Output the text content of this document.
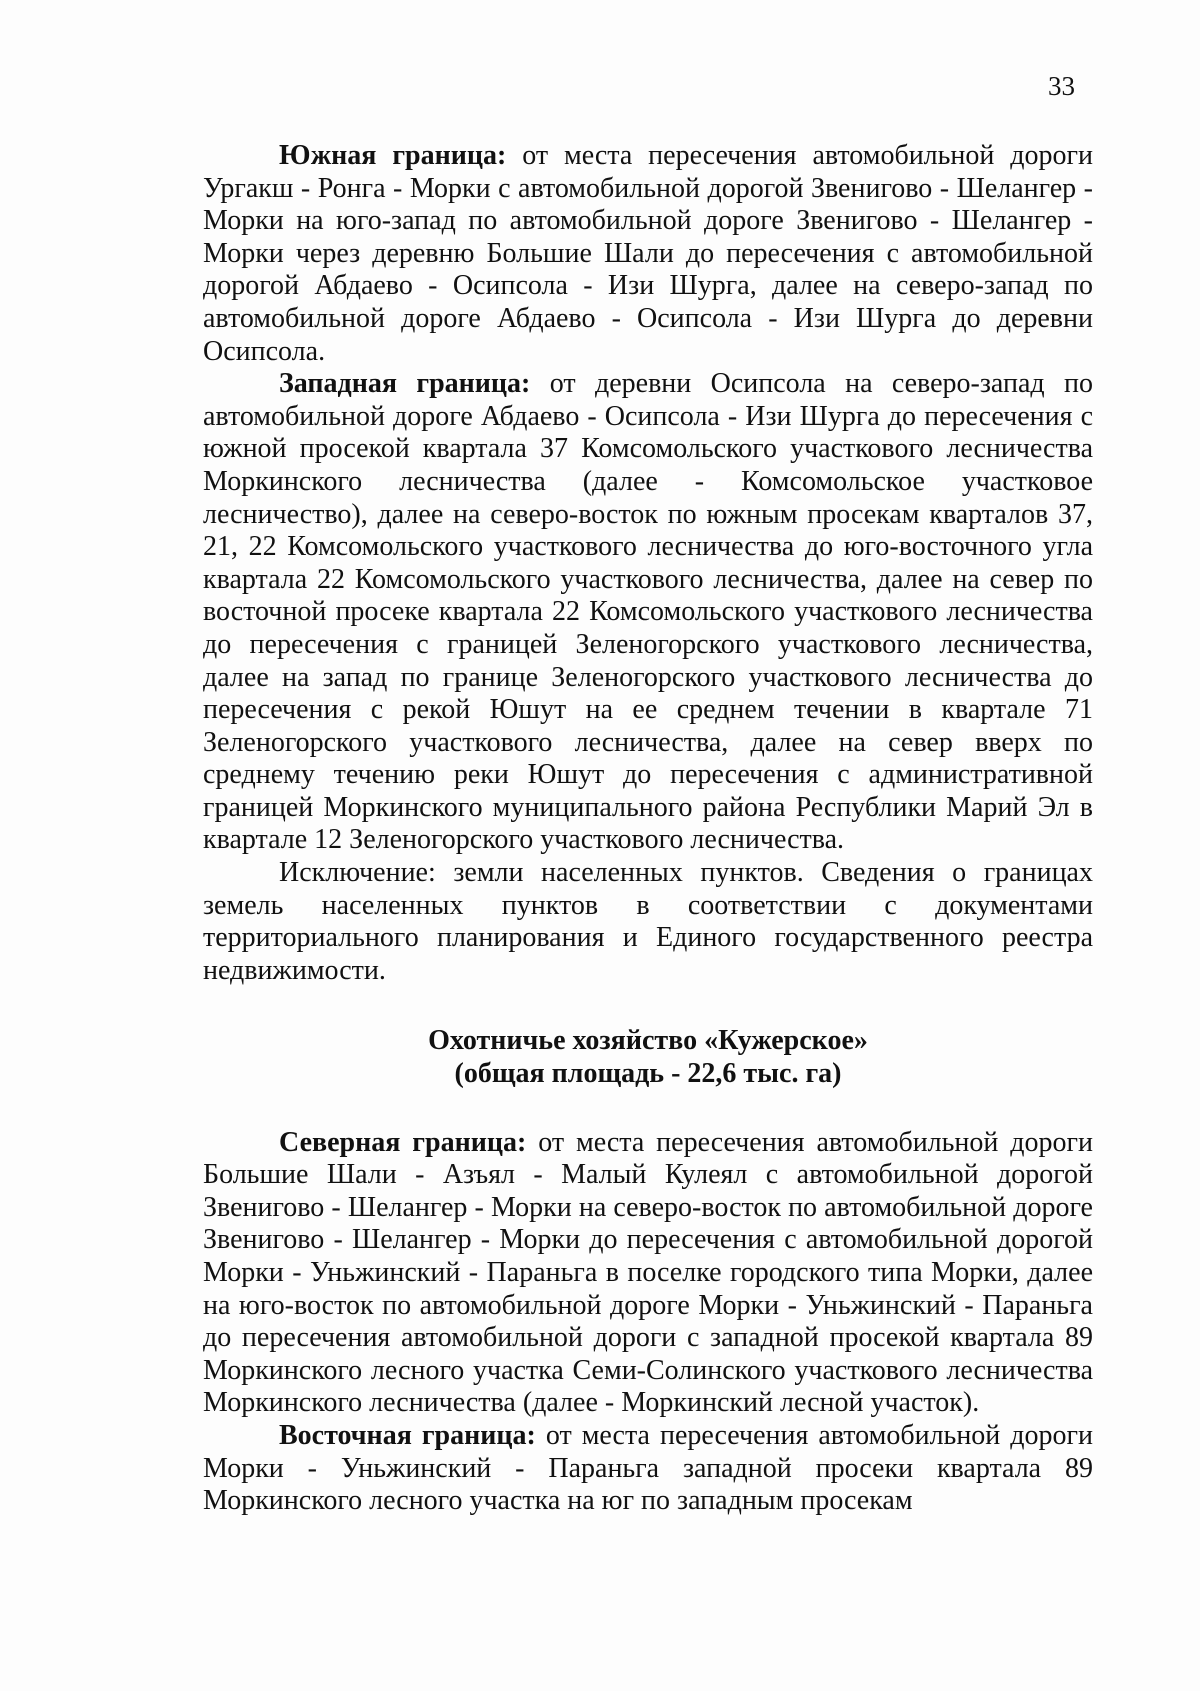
33

Южная граница: от места пересечения автомобильной дороги Ургакш - Ронга - Морки с автомобильной дорогой Звенигово - Шелангер - Морки на юго-запад по автомобильной дороге Звенигово - Шелангер - Морки через деревню Большие Шали до пересечения с автомобильной дорогой Абдаево - Осипсола - Изи Шурга, далее на северо-запад по автомобильной дороге Абдаево - Осипсола - Изи Шурга до деревни Осипсола.

Западная граница: от деревни Осипсола на северо-запад по автомобильной дороге Абдаево - Осипсола - Изи Шурга до пересечения с южной просекой квартала 37 Комсомольского участкового лесничества Моркинского лесничества (далее - Комсомольское участковое лесничество), далее на северо-восток по южным просекам кварталов 37, 21, 22 Комсомольского участкового лесничества до юго-восточного угла квартала 22 Комсомольского участкового лесничества, далее на север по восточной просеке квартала 22 Комсомольского участкового лесничества до пересечения с границей Зеленогорского участкового лесничества, далее на запад по границе Зеленогорского участкового лесничества до пересечения с рекой Юшут на ее среднем течении в квартале 71 Зеленогорского участкового лесничества, далее на север вверх по среднему течению реки Юшут до пересечения с административной границей Моркинского муниципального района Республики Марий Эл в квартале 12 Зеленогорского участкового лесничества.

Исключение: земли населенных пунктов. Сведения о границах земель населенных пунктов в соответствии с документами территориального планирования и Единого государственного реестра недвижимости.

Охотничье хозяйство «Кужерское»
(общая площадь - 22,6 тыс. га)

Северная граница: от места пересечения автомобильной дороги Большие Шали - Азъял - Малый Кулеял с автомобильной дорогой Звенигово - Шелангер - Морки на северо-восток по автомобильной дороге Звенигово - Шелангер - Морки до пересечения с автомобильной дорогой Морки - Уньжинский - Параньга в поселке городского типа Морки, далее на юго-восток по автомобильной дороге Морки - Уньжинский - Параньга до пересечения автомобильной дороги с западной просекой квартала 89 Моркинского лесного участка Семи-Солинского участкового лесничества Моркинского лесничества (далее - Моркинский лесной участок).

Восточная граница: от места пересечения автомобильной дороги Морки - Уньжинский - Параньга западной просеки квартала 89 Моркинского лесного участка на юг по западным просекам
